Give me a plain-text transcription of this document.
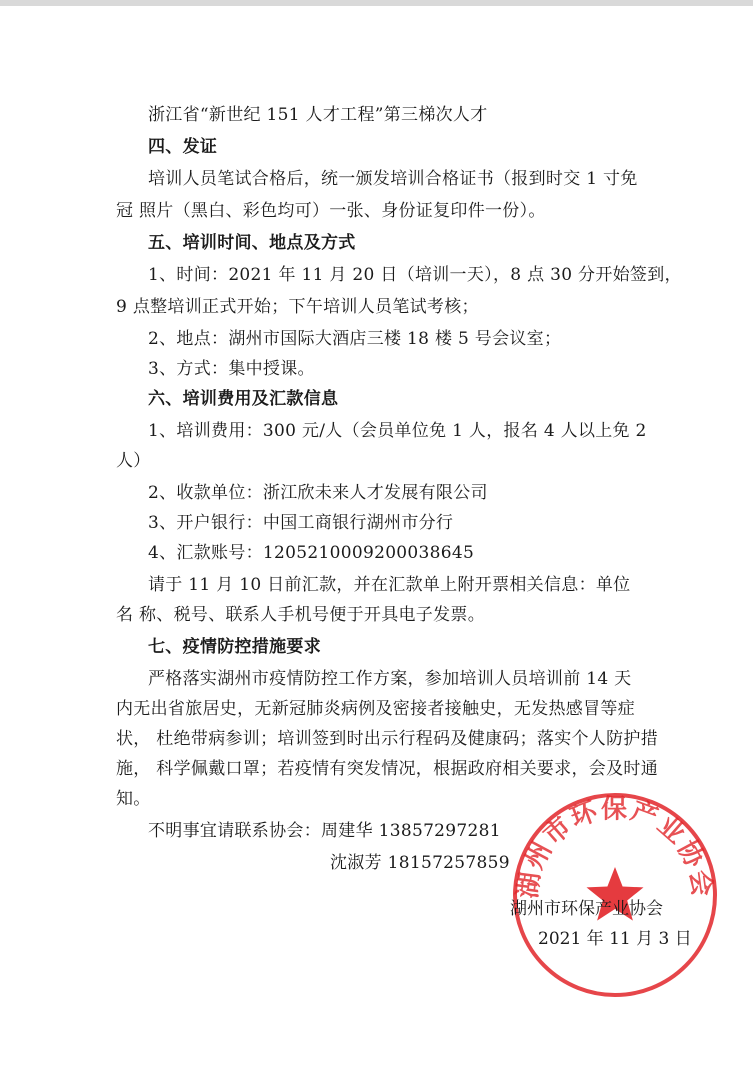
浙江省“新世纪 151 人才工程”第三梯次人才
四、发证
培训人员笔试合格后，统一颁发培训合格证书（报到时交 1 寸免
冠 照片（黑白、彩色均可）一张、身份证复印件一份）。
五、培训时间、地点及方式
1、时间：2021 年 11 月 20 日（培训一天），8 点 30 分开始签到，
9 点整培训正式开始；下午培训人员笔试考核；
2、地点：湖州市国际大酒店三楼 18 楼 5 号会议室；
3、方式：集中授课。
六、培训费用及汇款信息
1、培训费用：300 元/人（会员单位免 1 人，报名 4 人以上免 2
人）
2、收款单位：浙江欣未来人才发展有限公司
3、开户银行：中国工商银行湖州市分行
4、汇款账号：1205210009200038645
请于 11 月 10 日前汇款，并在汇款单上附开票相关信息：单位
名 称、税号、联系人手机号便于开具电子发票。
七、疫情防控措施要求
严格落实湖州市疫情防控工作方案，参加培训人员培训前 14 天
内无出省旅居史，无新冠肺炎病例及密接者接触史，无发热感冒等症
状， 杜绝带病参训；培训签到时出示行程码及健康码；落实个人防护措
施， 科学佩戴口罩；若疫情有突发情况，根据政府相关要求，会及时通
知。
不明事宜请联系协会：周建华 13857297281
沈淑芳 18157257859
湖州市环保产业协会
湖州市环保产业协会
2021 年 11 月 3 日
